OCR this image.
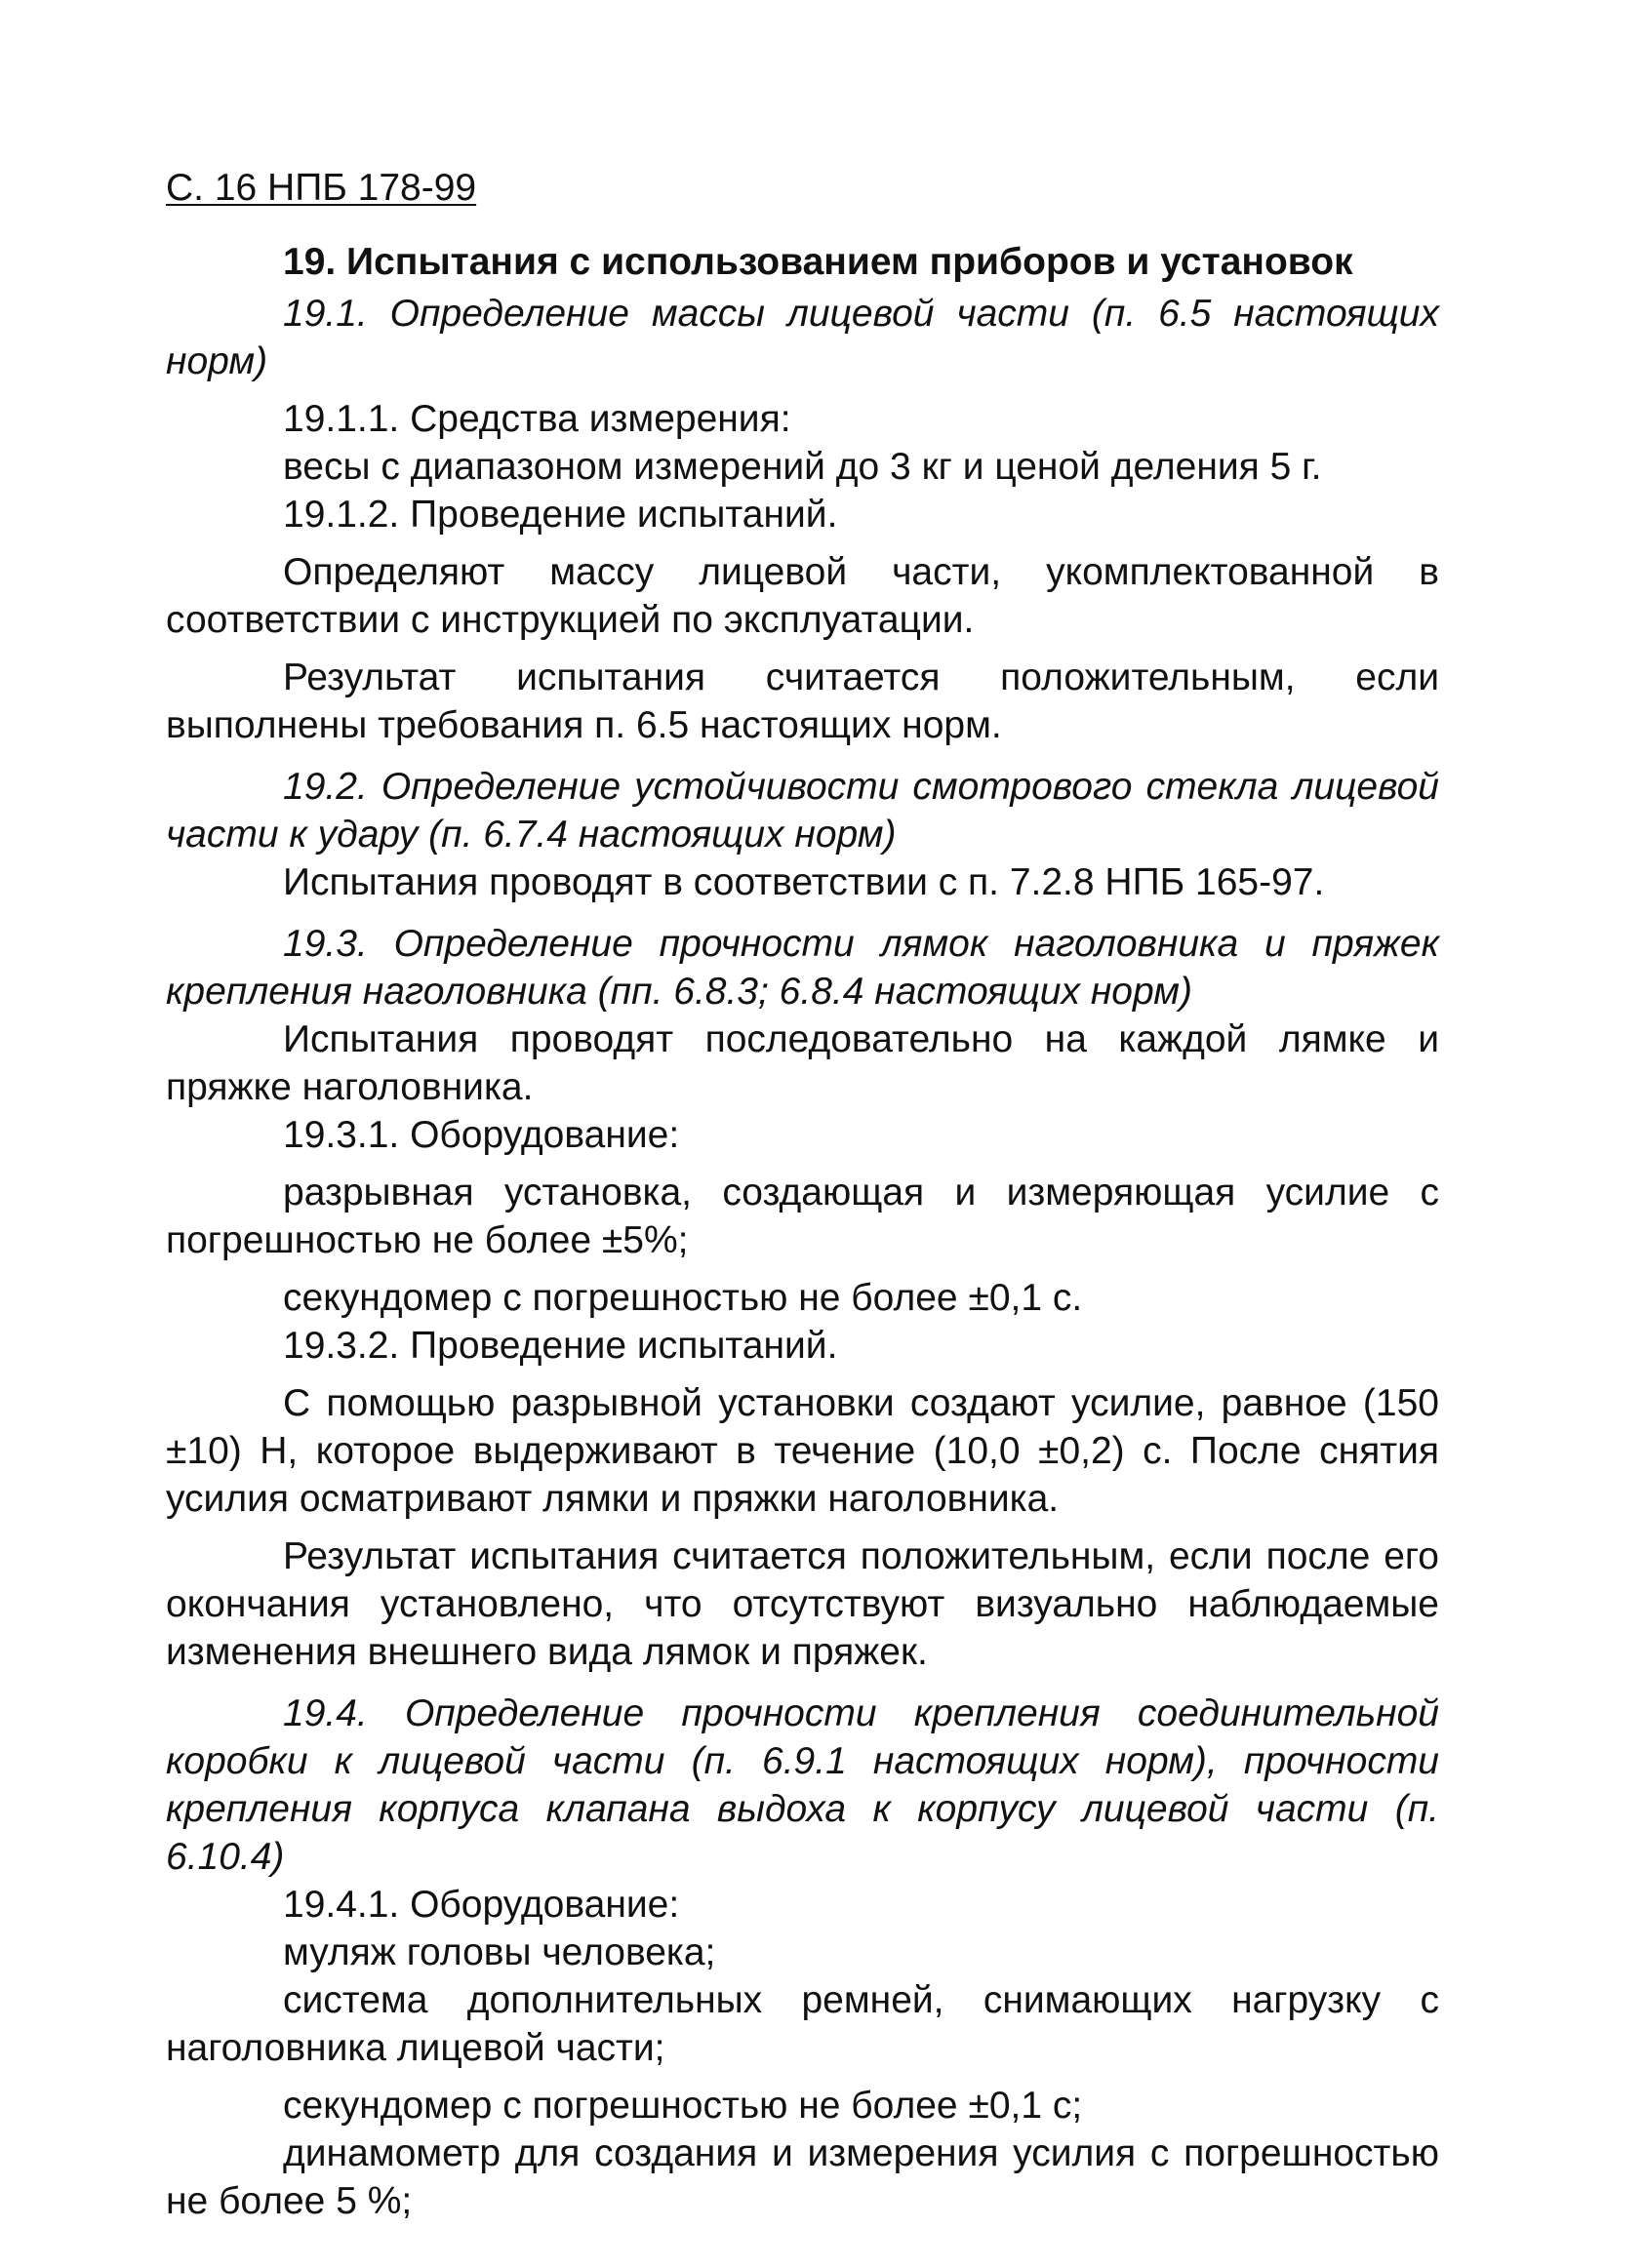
С. 16 НПБ 178-99
19. Испытания с использованием приборов и установок

19.1. Определение массы лицевой части (п. 6.5 настоящих норм)

19.1.1. Средства измерения:

весы с диапазоном измерений до 3 кг и ценой деления 5 г.

19.1.2. Проведение испытаний.

Определяют массу лицевой части, укомплектованной в соответствии с инструкцией по эксплуатации.

Результат испытания считается положительным, если выполнены требования п. 6.5 настоящих норм.

19.2. Определение устойчивости смотрового стекла лицевой части к удару (п. 6.7.4 настоящих норм)

Испытания проводят в соответствии с п. 7.2.8 НПБ 165-97.

19.3. Определение прочности лямок наголовника и пряжек крепления наголовника (пп. 6.8.3; 6.8.4 настоящих норм)

Испытания проводят последовательно на каждой лямке и пряжке наголовника.

19.3.1. Оборудование:

разрывная установка, создающая и измеряющая усилие с погрешностью не более ±5%;

секундомер с погрешностью не более ±0,1 с.

19.3.2. Проведение испытаний.

С помощью разрывной установки создают усилие, равное (150 ±10) Н, которое выдерживают в течение (10,0 ±0,2) с. После снятия усилия осматривают лямки и пряжки наголовника.

Результат испытания считается положительным, если после его окончания установлено, что отсутствуют визуально наблюдаемые изменения внешнего вида лямок и пряжек.

19.4. Определение прочности крепления соединительной коробки к лицевой части (п. 6.9.1 настоящих норм), прочности крепления корпуса клапана выдоха к корпусу лицевой части (п. 6.10.4)

19.4.1. Оборудование:

муляж головы человека;

система дополнительных ремней, снимающих нагрузку с наголовника лицевой части;

секундомер с погрешностью не более ±0,1 с;

динамометр для создания и измерения усилия с погрешностью не более 5 %;
